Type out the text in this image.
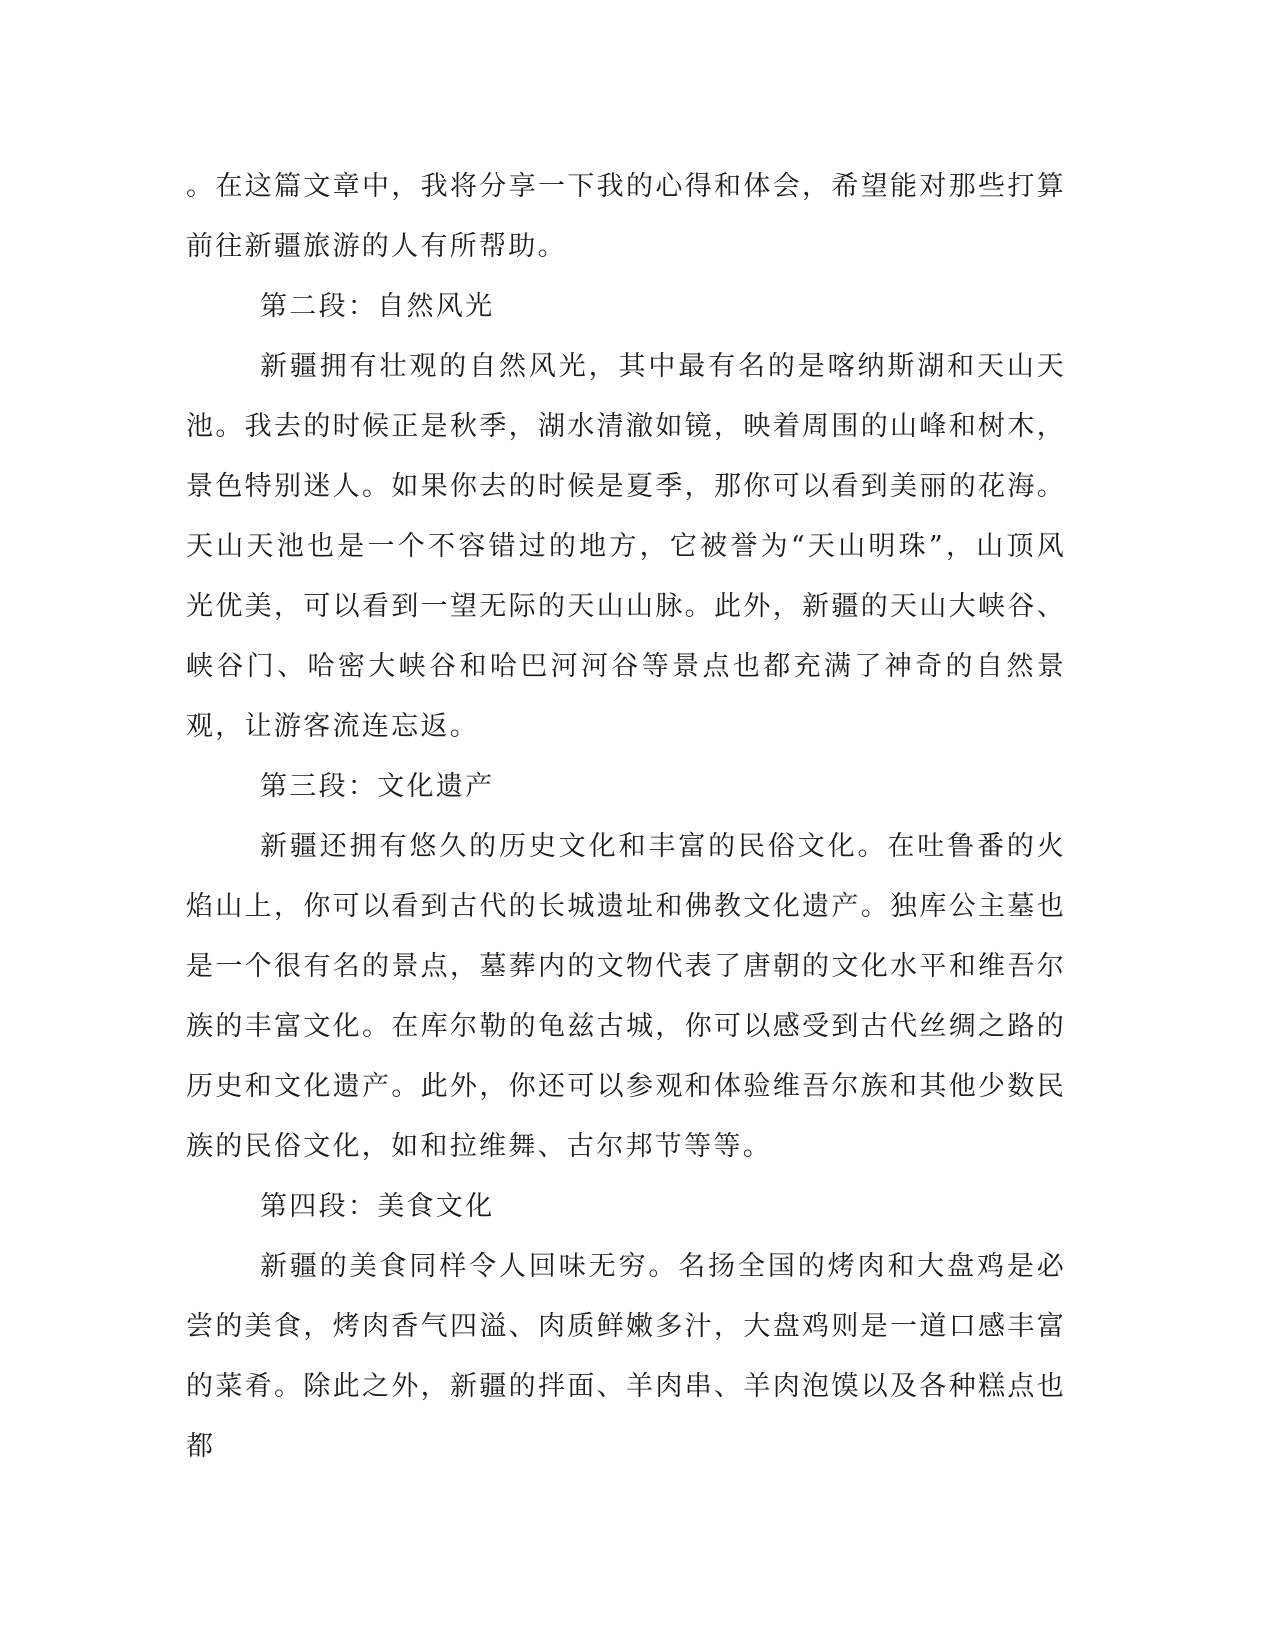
。在这篇文章中，我将分享一下我的心得和体会，希望能对那些打算前往新疆旅游的人有所帮助。

第二段：自然风光

新疆拥有壮观的自然风光，其中最有名的是喀纳斯湖和天山天池。我去的时候正是秋季，湖水清澈如镜，映着周围的山峰和树木，景色特别迷人。如果你去的时候是夏季，那你可以看到美丽的花海。天山天池也是一个不容错过的地方，它被誉为“天山明珠”，山顶风光优美，可以看到一望无际的天山山脉。此外，新疆的天山大峡谷、峡谷门、哈密大峡谷和哈巴河河谷等景点也都充满了神奇的自然景观，让游客流连忘返。

第三段：文化遗产

新疆还拥有悠久的历史文化和丰富的民俗文化。在吐鲁番的火焰山上，你可以看到古代的长城遗址和佛教文化遗产。独库公主墓也是一个很有名的景点，墓葬内的文物代表了唐朝的文化水平和维吾尔族的丰富文化。在库尔勒的龟兹古城，你可以感受到古代丝绸之路的历史和文化遗产。此外，你还可以参观和体验维吾尔族和其他少数民族的民俗文化，如和拉维舞、古尔邦节等等。

第四段：美食文化

新疆的美食同样令人回味无穷。名扬全国的烤肉和大盘鸡是必尝的美食，烤肉香气四溢、肉质鲜嫩多汁，大盘鸡则是一道口感丰富的菜肴。除此之外，新疆的拌面、羊肉串、羊肉泡馍以及各种糕点也都
